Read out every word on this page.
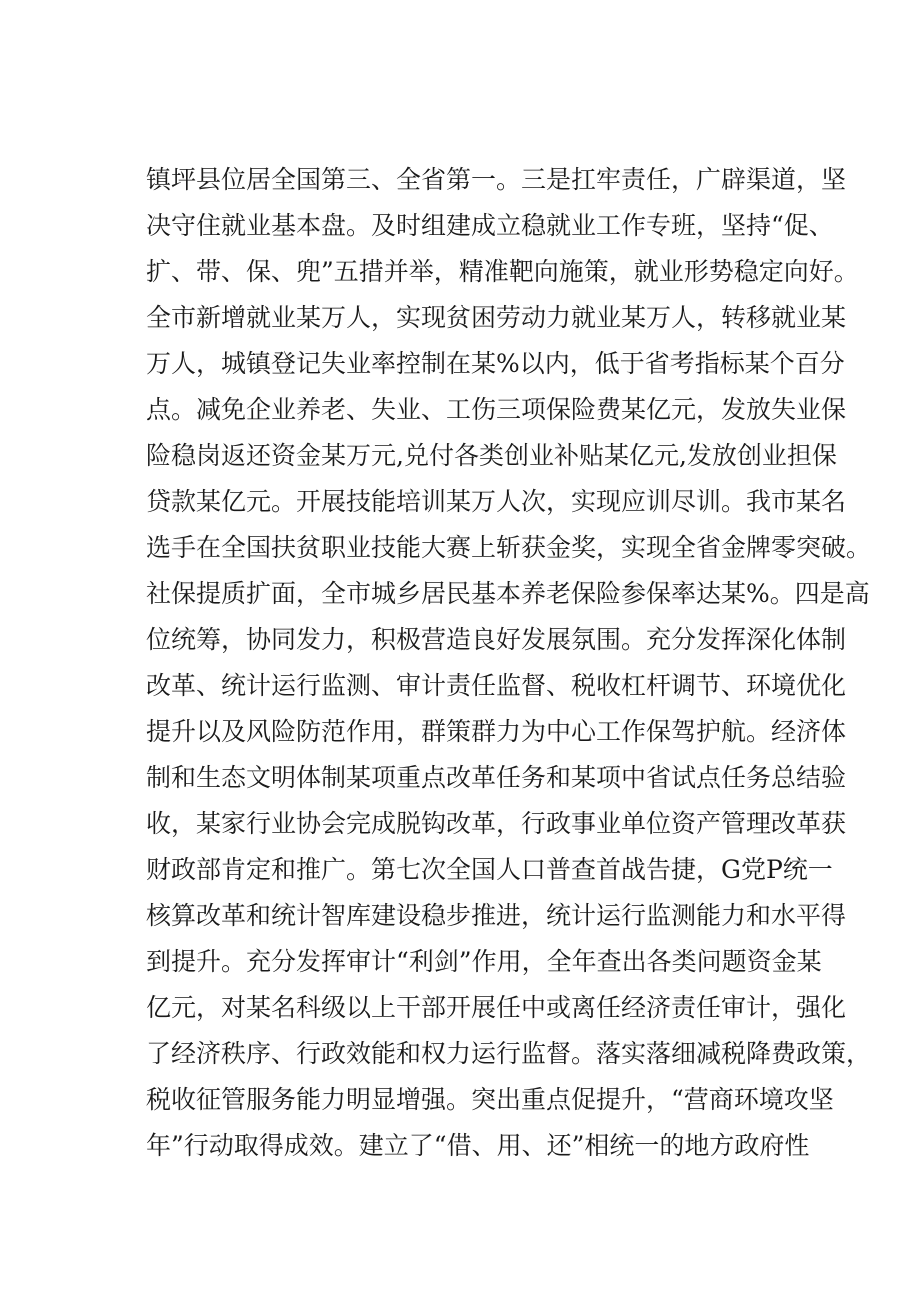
镇坪县位居全国第三、全省第一。三是扛牢责任，广辟渠道，坚
决守住就业基本盘。及时组建成立稳就业工作专班，坚持“促、
扩、带、保、兜”五措并举，精准靶向施策，就业形势稳定向好。
全市新增就业某万人，实现贫困劳动力就业某万人，转移就业某
万人，城镇登记失业率控制在某%以内，低于省考指标某个百分
点。减免企业养老、失业、工伤三项保险费某亿元，发放失业保
险稳岗返还资金某万元,兑付各类创业补贴某亿元,发放创业担保
贷款某亿元。开展技能培训某万人次，实现应训尽训。我市某名
选手在全国扶贫职业技能大赛上斩获金奖，实现全省金牌零突破。
社保提质扩面，全市城乡居民基本养老保险参保率达某%。四是高
位统筹，协同发力，积极营造良好发展氛围。充分发挥深化体制
改革、统计运行监测、审计责任监督、税收杠杆调节、环境优化
提升以及风险防范作用，群策群力为中心工作保驾护航。经济体
制和生态文明体制某项重点改革任务和某项中省试点任务总结验
收，某家行业协会完成脱钩改革，行政事业单位资产管理改革获
财政部肯定和推广。第七次全国人口普查首战告捷，G党P统一
核算改革和统计智库建设稳步推进，统计运行监测能力和水平得
到提升。充分发挥审计“利剑”作用，全年查出各类问题资金某
亿元，对某名科级以上干部开展任中或离任经济责任审计，强化
了经济秩序、行政效能和权力运行监督。落实落细减税降费政策，
税收征管服务能力明显增强。突出重点促提升，“营商环境攻坚
年”行动取得成效。建立了“借、用、还”相统一的地方政府性
